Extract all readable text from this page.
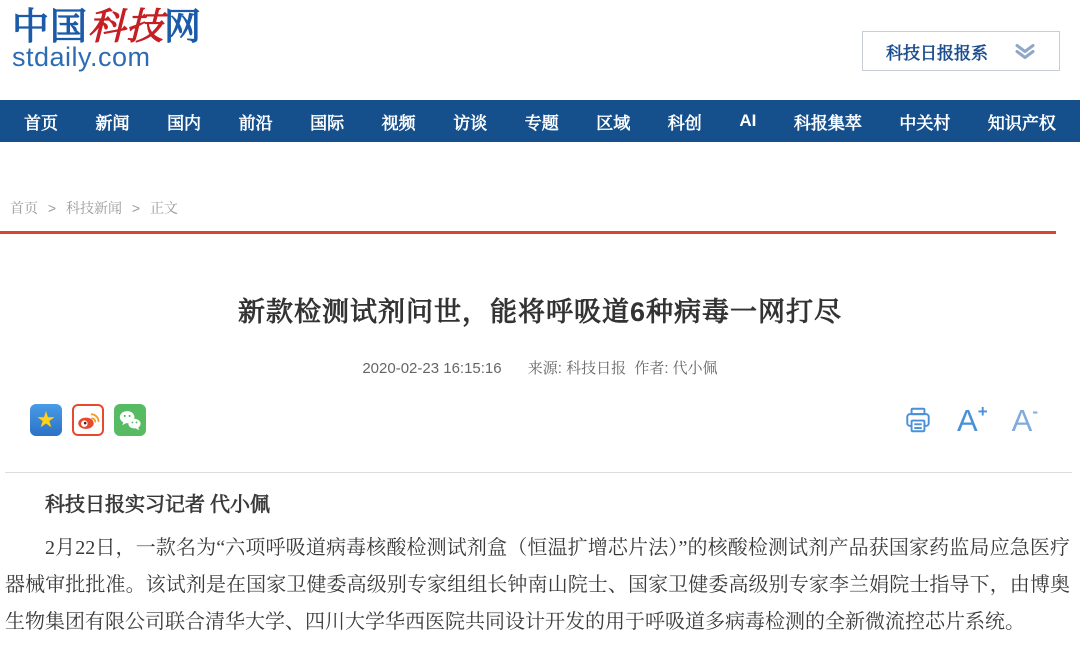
中国科技网
stdaily.com	科技日报报系
首页 新闻 国内 前沿 国际 视频 访谈 专题 区域 科创 AI 科报集萃 中关村 知识产权
首页 > 科技新闻 > 正文
新款检测试剂问世，能将呼吸道6种病毒一网打尽
2020-02-23 16:15:16 来源: 科技日报 作者: 代小佩
★	A + A -

科技日报实习记者 代小佩

2月22日，一款名为“六项呼吸道病毒核酸检测试剂盒（恒温扩增芯片法）”的核酸检测试剂产品获国家药监局应急医疗器械审批批准。该试剂是在国家卫健委高级别专家组组长钟南山院士、国家卫健委高级别专家李兰娟院士指导下，由博奥生物集团有限公司联合清华大学、四川大学华西医院共同设计开发的用于呼吸道多病毒检测的全新微流控芯片系统。
